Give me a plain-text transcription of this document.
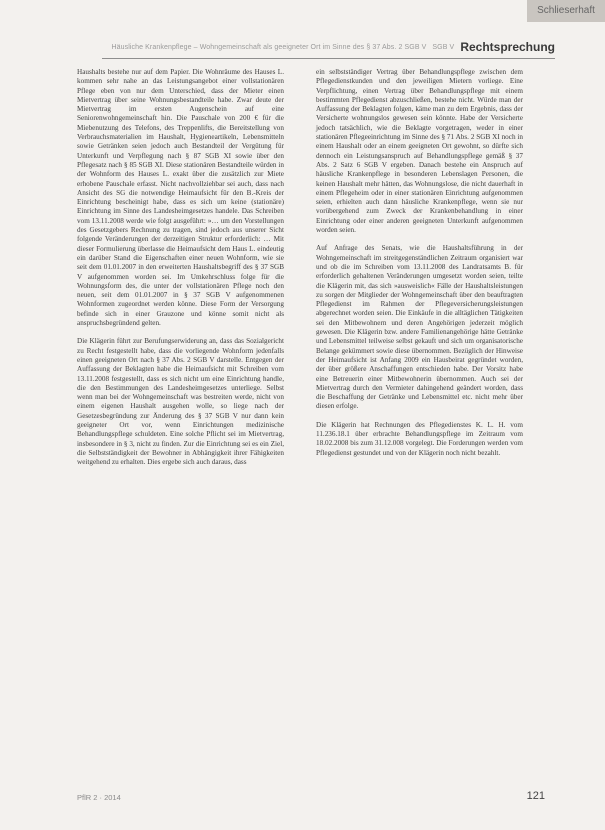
Schlieserhaft
Häusliche Krankenpflege – Wohngemeinschaft als geeigneter Ort im Sinne des § 37 Abs. 2 SGB V SGB V Rechtsprechung

Haushalts bestehe nur auf dem Papier. Die Wohnräume des Hauses L. kommen sehr nahe an das Leistungsangebot einer vollstationären Pflege eben von nur dem Unterschied, dass der Mieter einen Mietvertrag über seine Wohnungsbestandteile habe. Zwar deute der Mietvertrag im ersten Augenschein auf eine Seniorenwohngemeinschaft hin. Die Pauschale von 200 € für die Miebenutzung des Telefons, des Treppenlifts, die Bereitstellung von Verbrauchsmaterialien im Haushalt, Hygieneartikeln, Lebensmitteln sowie Getränken seien jedoch auch Bestandteil der Vergütung für Unterkunft und Verpflegung nach § 87 SGB XI sowie über den Pflegesatz nach § 85 SGB XI. Diese stationären Bestandteile würden in der Wohnform des Hauses L. exakt über die zusätzlich zur Miete erhobene Pauschale erfasst. Nicht nachvollziehbar sei auch, dass nach Ansicht des SG die notwendige Heimaufsicht für den B.-Kreis der Einrichtung bescheinigt habe, dass es sich um keine (stationäre) Einrichtung im Sinne des Landesheimgesetzes handele. Das Schreiben vom 13.11.2008 werde wie folgt ausgeführt: »… um den Vorstellungen des Gesetzgebers Rechnung zu tragen, sind jedoch aus unserer Sicht folgende Veränderungen der derzeitigen Struktur erforderlich: … Mit dieser Formulierung überlasse die Heimaufsicht dem Haus L. eindeutig ein darüber Stand die Eigenschaften einer neuen Wohnform, wie sie seit dem 01.01.2007 in den erweiterten Haushaltsbegriff des § 37 SGB V aufgenommen worden sei. Im Umkehrschluss folge für die Wohnungsform des, die unter der vollstationären Pflege noch den neuen, seit dem 01.01.2007 in § 37 SGB V aufgenommenen Wohnformen zugeordnet werden könne. Diese Form der Versorgung befinde sich in einer Grauzone und könne somit nicht als anspruchsbegründend gelten.

Die Klägerin führt zur Berufungserwiderung an, dass das Sozialgericht zu Recht festgestellt habe, dass die vorliegende Wohnform jedenfalls einen geeigneten Ort nach § 37 Abs. 2 SGB V darstelle. Entgegen der Auffassung der Beklagten habe die Heimaufsicht mit Schreiben vom 13.11.2008 festgestellt, dass es sich nicht um eine Einrichtung handle, die den Bestimmungen des Landesheimgesetzes unterliege. Selbst wenn man bei der Wohngemeinschaft was bestreiten werde, nicht von einem eigenen Haushalt ausgehen wolle, so liege nach der Gesetzesbegründung zur Änderung des § 37 SGB V nur dann kein geeigneter Ort vor, wenn Einrichtungen medizinische Behandlungspflege schuldeten. Eine solche Pflicht sei im Mietvertrag, insbesondere in § 3, nicht zu finden. Zur die Einrichtung sei es ein Ziel, die Selbstständigkeit der Bewohner in Abhängigkeit ihrer Fähigkeiten weitgehend zu erhalten. Dies ergebe sich auch daraus, dass

ein selbstständiger Vertrag über Behandlungspflege zwischen dem Pflegedienstkunden und den jeweiligen Mietern vorliege. Eine Verpflichtung, einen Vertrag über Behandlungspflege mit einem bestimmten Pflegedienst abzuschließen, bestehe nicht. Würde man der Auffassung der Beklagten folgen, käme man zu dem Ergebnis, dass der Versicherte wohnungslos gewesen sein könnte. Habe der Versicherte jedoch tatsächlich, wie die Beklagte vorgetragen, weder in einer stationären Pflegeeinrichtung im Sinne des § 71 Abs. 2 SGB XI noch in einem Haushalt oder an einem geeigneten Ort gewohnt, so dürfte sich dennoch ein Leistungsanspruch auf Behandlungspflege gemäß § 37 Abs. 2 Satz 6 SGB V ergeben. Danach bestehe ein Anspruch auf häusliche Krankenpflege in besonderen Lebenslagen Personen, die keinen Haushalt mehr hätten, das Wohnungslose, die nicht dauerhaft in einem Pflegeheim oder in einer stationären Einrichtung aufgenommen seien, erhielten auch dann häusliche Krankenpflege, wenn sie nur vorübergehend zum Zweck der Krankenbehandlung in einer Einrichtung oder einer anderen geeigneten Unterkunft aufgenommen worden seien.

Auf Anfrage des Senats, wie die Haushaltsführung in der Wohngemeinschaft im streitgegenständlichen Zeitraum organisiert war und ob die im Schreiben vom 13.11.2008 des Landratsamts B. für erforderlich gehaltenen Veränderungen umgesetzt worden seien, teilte die Klägerin mit, das sich »ausweislich« Fälle der Haushaltsleistungen zu sorgen der Mitglieder der Wohngemeinschaft über den beauftragten Pflegedienst im Rahmen der Pflegeversicherungsleistungen abgerechnet worden seien. Die Einkäufe in die alltäglichen Tätigkeiten sei den Mitbewohnern und deren Angehörigen jederzeit möglich gewesen. Die Klägerin bzw. andere Familienangehörige hätte Getränke und Lebensmittel teilweise selbst gekauft und sich um organisatorische Belange gekümmert sowie diese übernommen. Bezüglich der Hinweise der Heimaufsicht ist Anfang 2009 ein Hausbeirat gegründet worden, der über größere Anschaffungen entschieden habe. Der Vorsitz habe eine Betreuerin einer Mitbewohnerin übernommen. Auch sei der Mietvertrag durch den Vermieter dahingehend geändert worden, dass die Beschaffung der Getränke und Lebensmittel etc. nicht mehr über diesen erfolge.

Die Klägerin hat Rechnungen des Pflegedienstes K. L. H. vom 11.236.18.1 über erbrachte Behandlungspflege im Zeitraum vom 18.02.2008 bis zum 31.12.008 vorgelegt. Die Forderungen werden vom Pflegedienst gestundet und von der Klägerin noch nicht bezahlt.

PflR 2 · 2014	121
